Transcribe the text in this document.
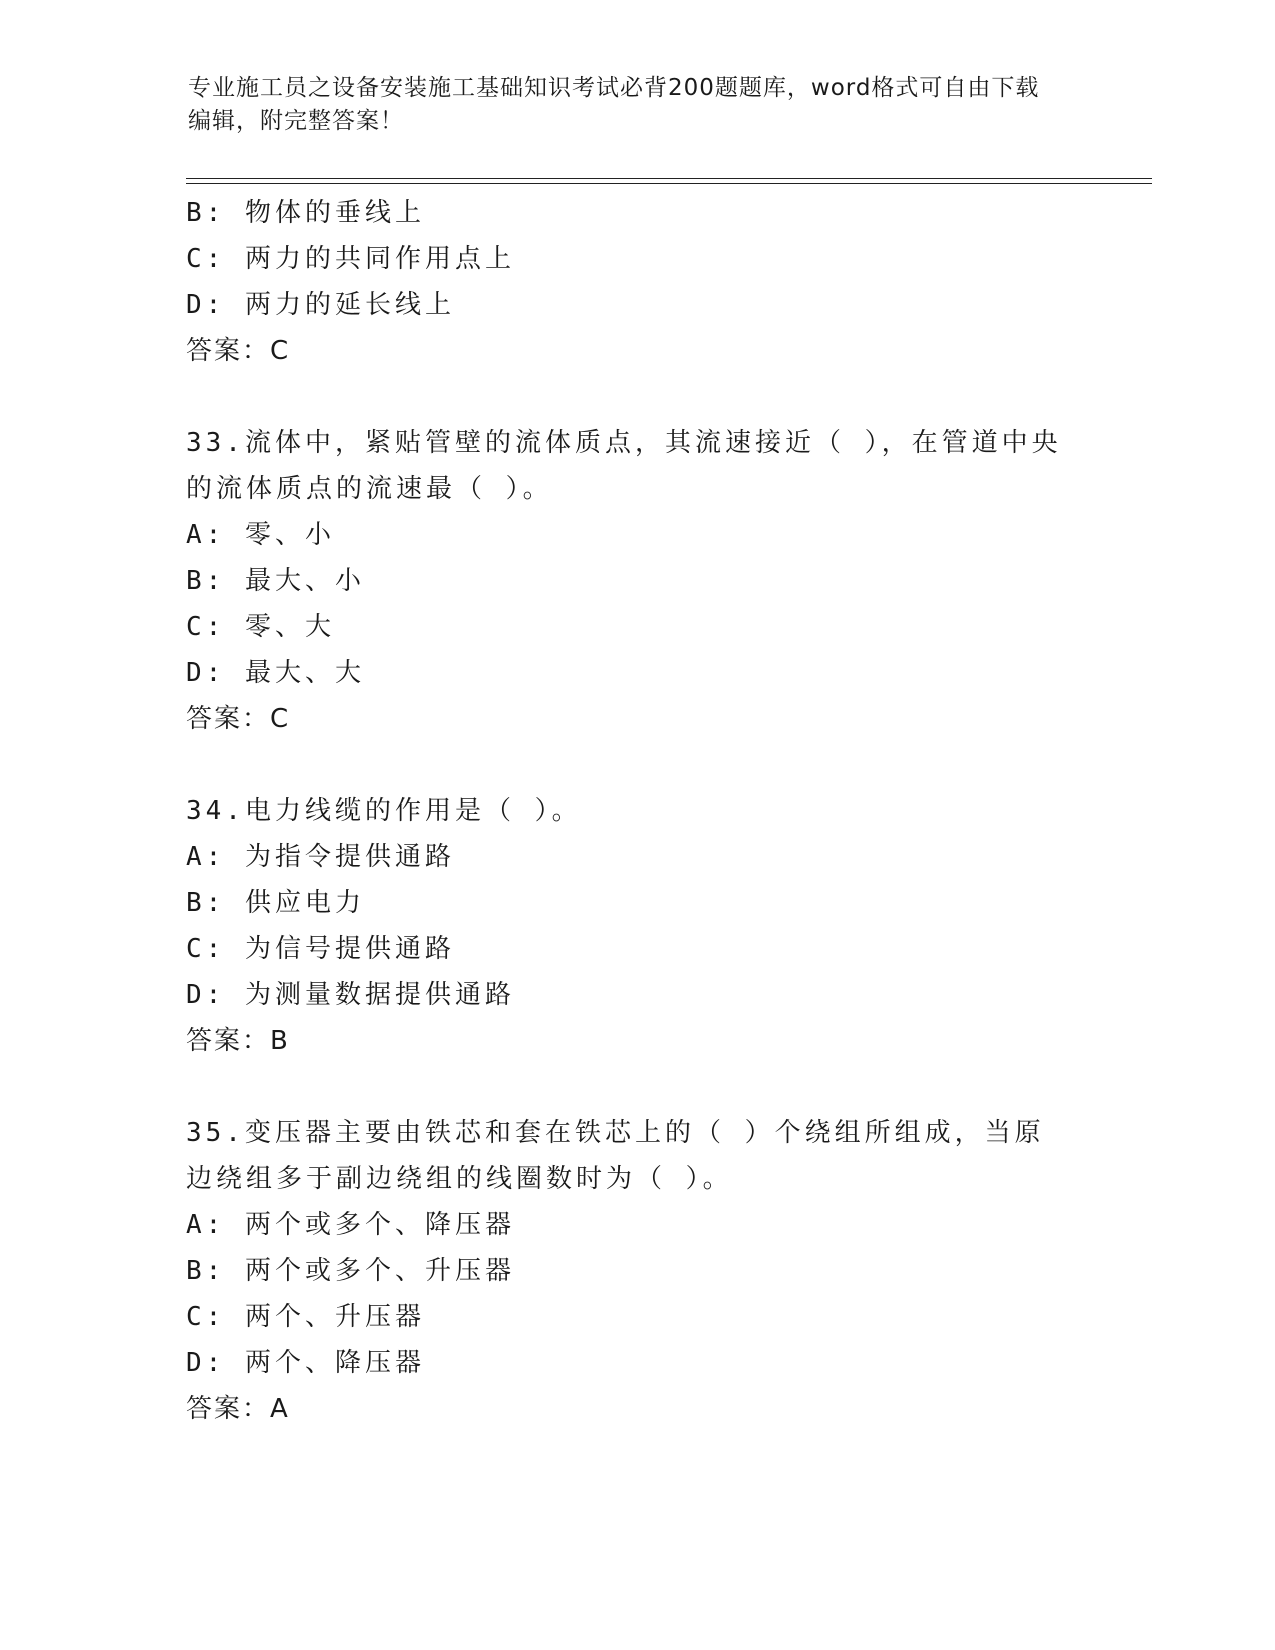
专业施工员之设备安装施工基础知识考试必背200题题库，word格式可自由下载
编辑，附完整答案！
B: 物体的垂线上
C: 两力的共同作用点上
D: 两力的延长线上
答案：C
33.流体中，紧贴管壁的流体质点，其流速接近（ ），在管道中央的流体质点的流速最（ ）。
A: 零、小
B: 最大、小
C: 零、大
D: 最大、大
答案：C
34.电力线缆的作用是（ ）。
A: 为指令提供通路
B: 供应电力
C: 为信号提供通路
D: 为测量数据提供通路
答案：B
35.变压器主要由铁芯和套在铁芯上的（ ）个绕组所组成，当原边绕组多于副边绕组的线圈数时为（ ）。
A: 两个或多个、降压器
B: 两个或多个、升压器
C: 两个、升压器
D: 两个、降压器
答案：A
